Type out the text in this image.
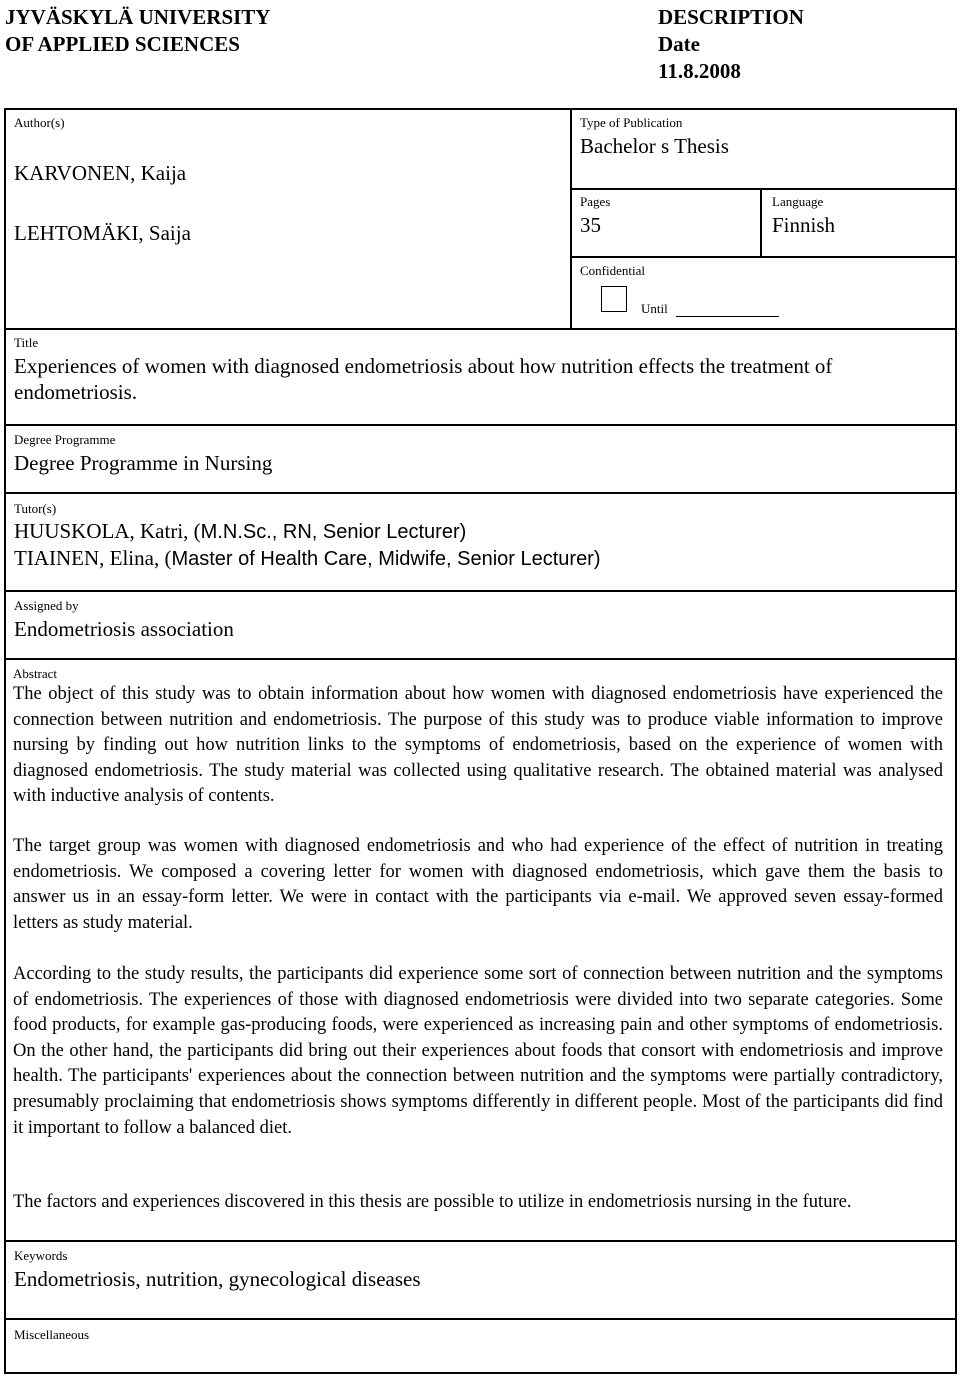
JYVÄSKYLÄ UNIVERSITY
OF APPLIED SCIENCES
DESCRIPTION
Date
11.8.2008
Author(s)
KARVONEN, Kaija
LEHTOMÄKI, Saija
Type of Publication
Bachelor s Thesis
Pages
35
Language
Finnish
Confidential
Until
Title
Experiences of women with diagnosed endometriosis about how nutrition effects the treatment of endometriosis.
Degree Programme
Degree Programme in Nursing
Tutor(s)
HUUSKOLA, Katri, (M.N.Sc., RN, Senior Lecturer)
TIAINEN, Elina, (Master of Health Care, Midwife, Senior Lecturer)
Assigned by
Endometriosis association
Abstract

The object of this study was to obtain information about how women with diagnosed endometriosis have experienced the connection between nutrition and endometriosis. The purpose of this study was to produce viable information to improve nursing by finding out how nutrition links to the symptoms of endometriosis, based on the experience of women with diagnosed endometriosis. The study material was collected using qualitative research. The obtained material was analysed with inductive analysis of contents.

The target group was women with diagnosed endometriosis and who had experience of the effect of nutrition in treating endometriosis. We composed a covering letter for women with diagnosed endometriosis, which gave them the basis to answer us in an essay-form letter. We were in contact with the participants via e-mail. We approved seven essay-formed letters as study material.

According to the study results, the participants did experience some sort of connection between nutrition and the symptoms of endometriosis. The experiences of those with diagnosed endometriosis were divided into two separate categories. Some food products, for example gas-producing foods, were experienced as increasing pain and other symptoms of endometriosis. On the other hand, the participants did bring out their experiences about foods that consort with endometriosis and improve health. The participants' experiences about the connection between nutrition and the symptoms were partially contradictory, presumably proclaiming that endometriosis shows symptoms differently in different people. Most of the participants did find it important to follow a balanced diet.

The factors and experiences discovered in this thesis are possible to utilize in endometriosis nursing in the future.

Keywords
Endometriosis, nutrition, gynecological diseases
Miscellaneous
